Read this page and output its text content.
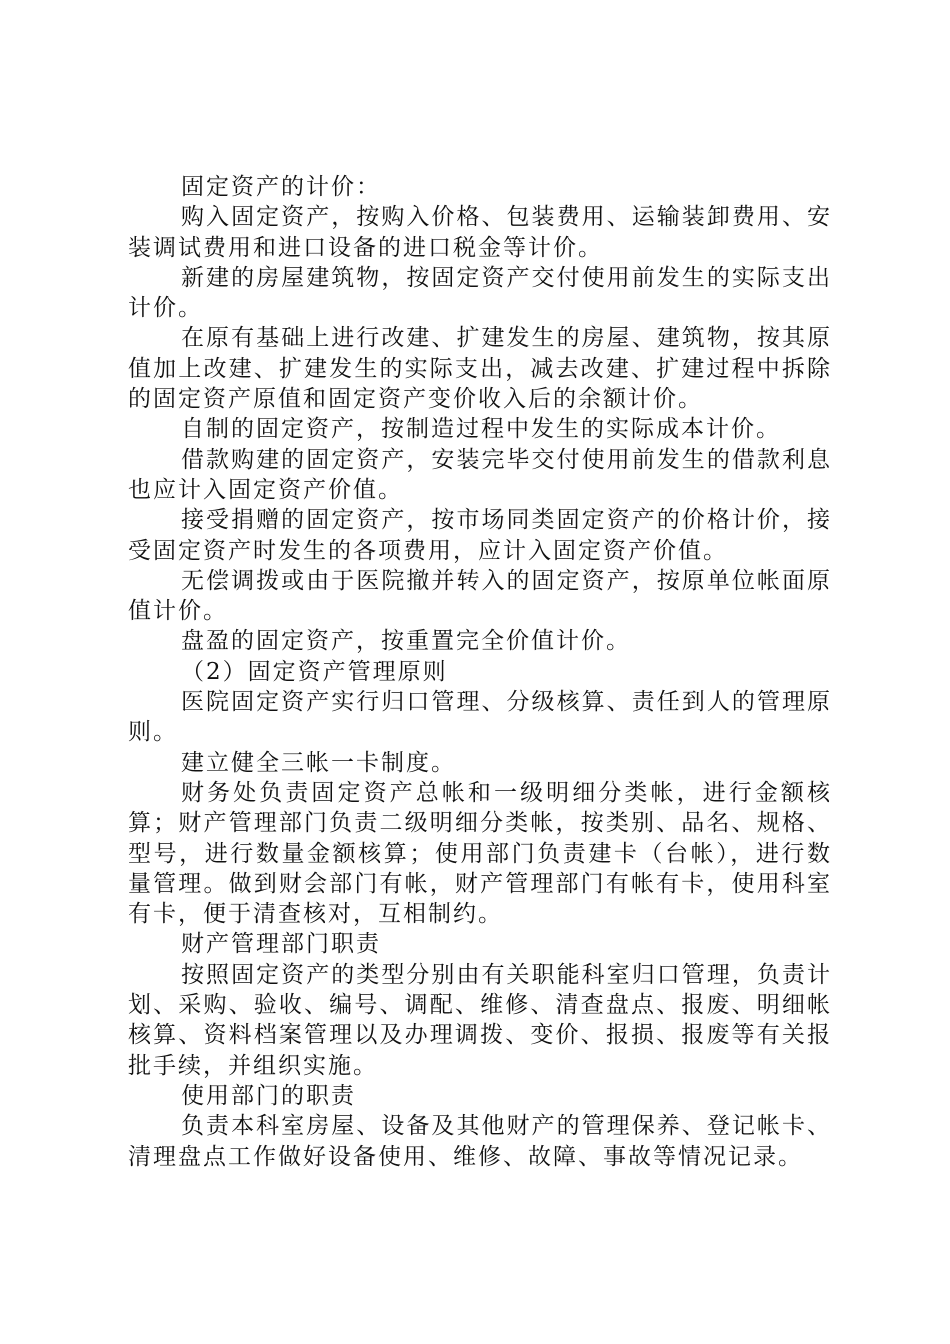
固定资产的计价：

购入固定资产，按购入价格、包装费用、运输装卸费用、安装调试费用和进口设备的进口税金等计价。

新建的房屋建筑物，按固定资产交付使用前发生的实际支出计价。

在原有基础上进行改建、扩建发生的房屋、建筑物，按其原值加上改建、扩建发生的实际支出，减去改建、扩建过程中拆除的固定资产原值和固定资产变价收入后的余额计价。

自制的固定资产，按制造过程中发生的实际成本计价。

借款购建的固定资产，安装完毕交付使用前发生的借款利息也应计入固定资产价值。

接受捐赠的固定资产，按市场同类固定资产的价格计价，接受固定资产时发生的各项费用，应计入固定资产价值。

无偿调拨或由于医院撤并转入的固定资产，按原单位帐面原值计价。

盘盈的固定资产，按重置完全价值计价。

（2）固定资产管理原则

医院固定资产实行归口管理、分级核算、责任到人的管理原则。

建立健全三帐一卡制度。

财务处负责固定资产总帐和一级明细分类帐，进行金额核算；财产管理部门负责二级明细分类帐，按类别、品名、规格、型号，进行数量金额核算；使用部门负责建卡（台帐），进行数量管理。做到财会部门有帐，财产管理部门有帐有卡，使用科室有卡，便于清查核对，互相制约。

财产管理部门职责

按照固定资产的类型分别由有关职能科室归口管理，负责计划、采购、验收、编号、调配、维修、清查盘点、报废、明细帐核算、资料档案管理以及办理调拨、变价、报损、报废等有关报批手续，并组织实施。

使用部门的职责

负责本科室房屋、设备及其他财产的管理保养、登记帐卡、清理盘点工作做好设备使用、维修、故障、事故等情况记录。
